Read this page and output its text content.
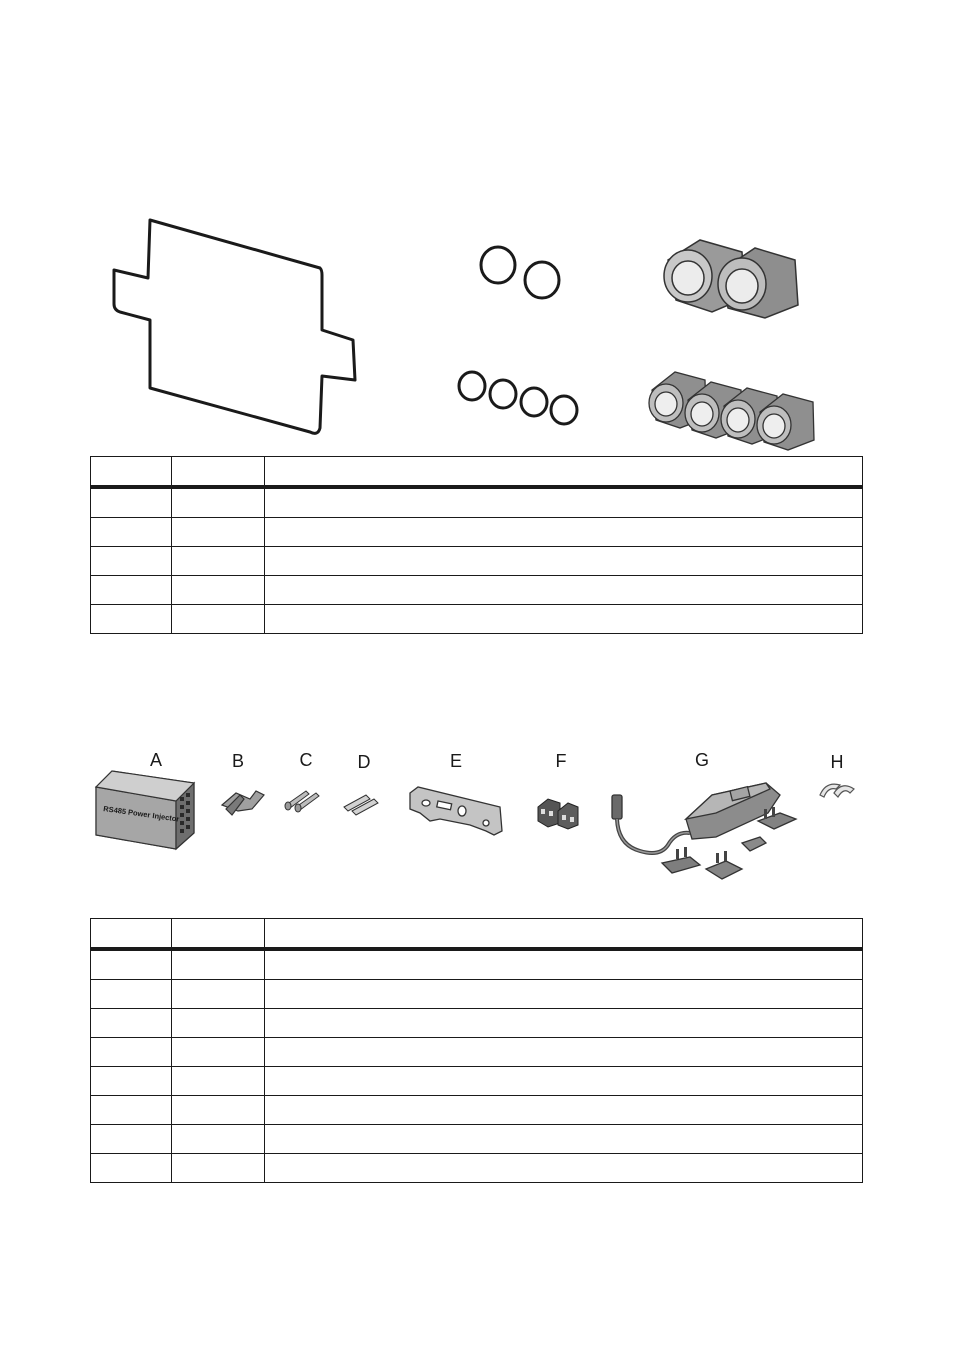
A	B	C	D	E	F	G	H
RS485 Power Injector
